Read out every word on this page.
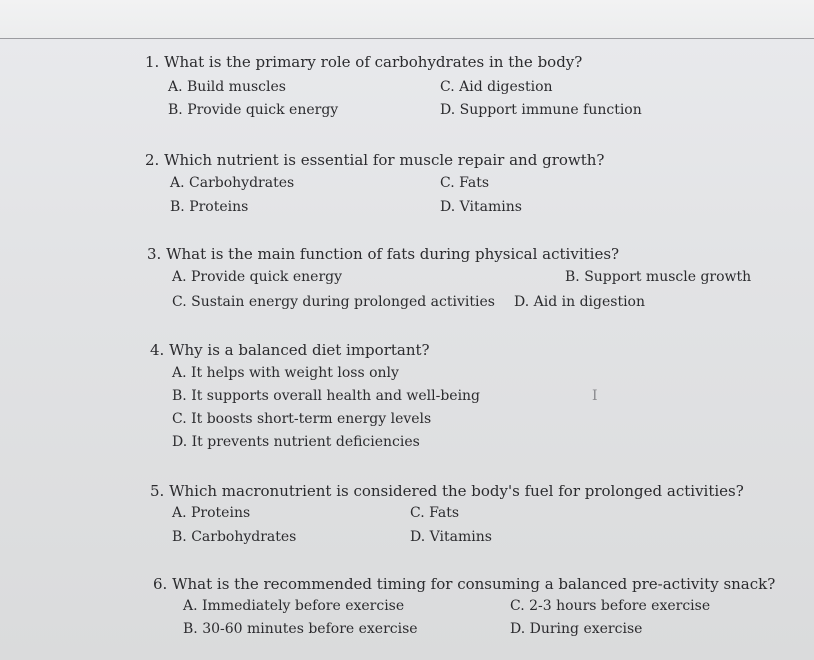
1. What is the primary role of carbohydrates in the body?
A. Build muscles	C. Aid digestion
B. Provide quick energy	D. Support immune function
2. Which nutrient is essential for muscle repair and growth?
A. Carbohydrates	C. Fats
B. Proteins	D. Vitamins
3. What is the main function of fats during physical activities?
A. Provide quick energy	B. Support muscle growth
C. Sustain energy during prolonged activities D. Aid in digestion
4. Why is a balanced diet important?
A. It helps with weight loss only
B. It supports overall health and well-being
C. It boosts short-term energy levels
D. It prevents nutrient deficiencies
5. Which macronutrient is considered the body's fuel for prolonged activities?
A. Proteins	C. Fats
B. Carbohydrates	D. Vitamins
6. What is the recommended timing for consuming a balanced pre-activity snack?
A. Immediately before exercise	C. 2-3 hours before exercise
B. 30-60 minutes before exercise	D. During exercise
I
